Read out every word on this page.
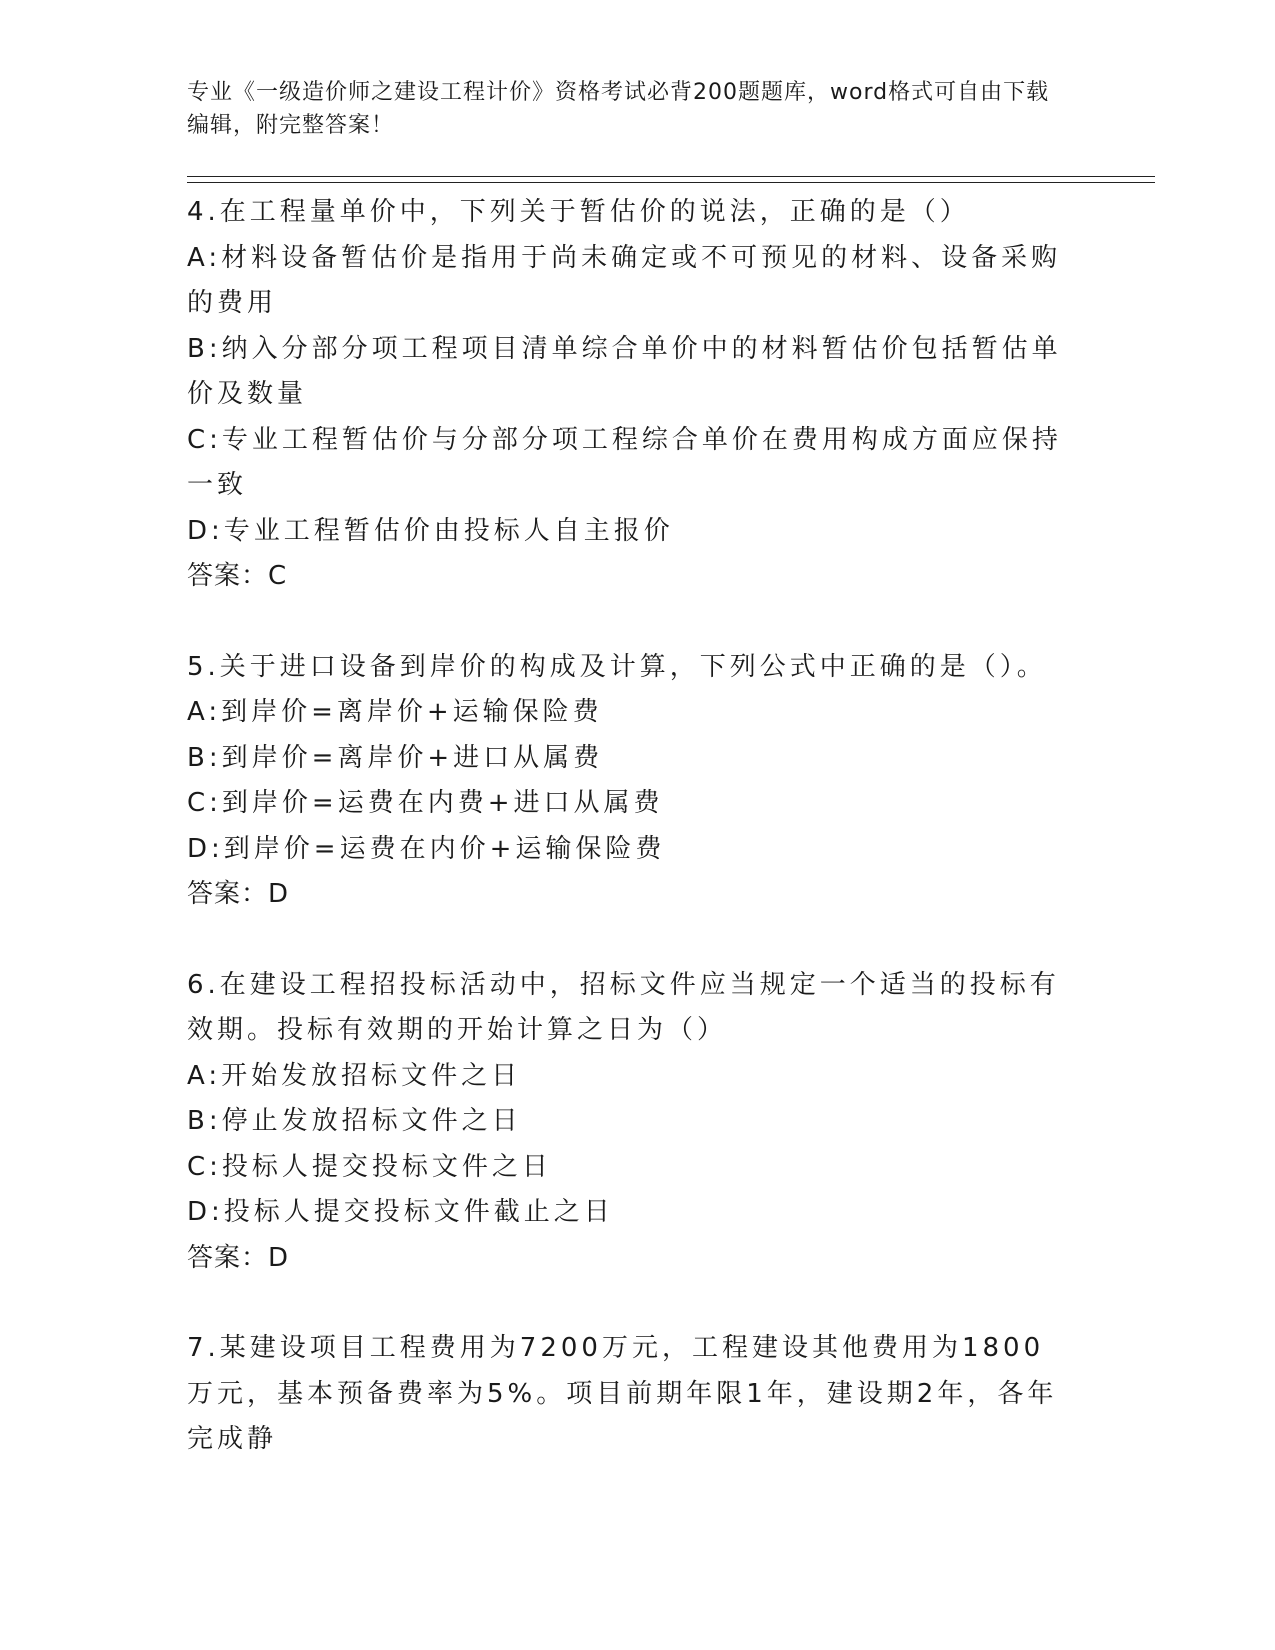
专业《一级造价师之建设工程计价》资格考试必背200题题库，word格式可自由下载编辑，附完整答案！

4.在工程量单价中，下列关于暂估价的说法，正确的是（）

A:材料设备暂估价是指用于尚未确定或不可预见的材料、设备采购的费用

B:纳入分部分项工程项目清单综合单价中的材料暂估价包括暂估单价及数量

C:专业工程暂估价与分部分项工程综合单价在费用构成方面应保持一致

D:专业工程暂估价由投标人自主报价

答案：C

5.关于进口设备到岸价的构成及计算，下列公式中正确的是（）。

A:到岸价=离岸价+运输保险费

B:到岸价=离岸价+进口从属费

C:到岸价=运费在内费+进口从属费

D:到岸价=运费在内价+运输保险费

答案：D

6.在建设工程招投标活动中，招标文件应当规定一个适当的投标有效期。投标有效期的开始计算之日为（）

A:开始发放招标文件之日

B:停止发放招标文件之日

C:投标人提交投标文件之日

D:投标人提交投标文件截止之日

答案：D

7.某建设项目工程费用为7200万元，工程建设其他费用为1800万元，基本预备费率为5%。项目前期年限1年，建设期2年，各年完成静
